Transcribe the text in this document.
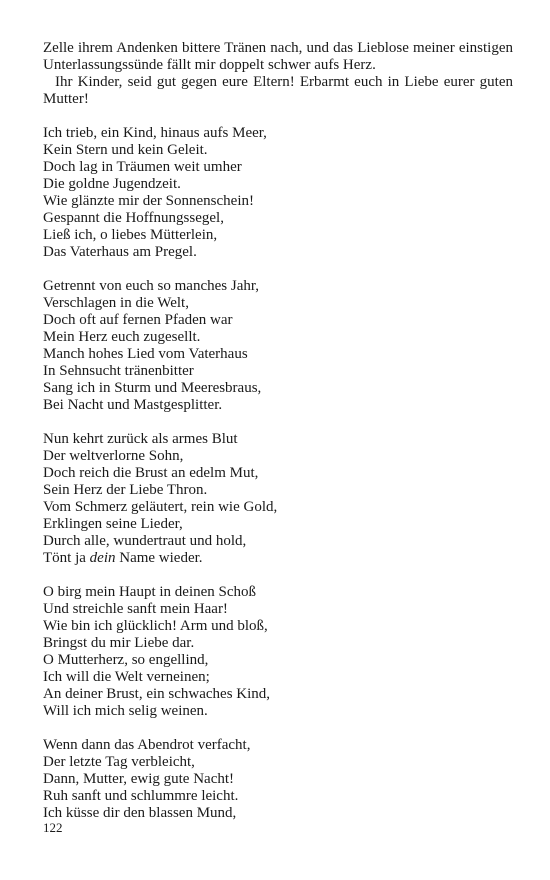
Zelle ihrem Andenken bittere Tränen nach, und das Lieblose meiner einstigen Unterlassungssünde fällt mir doppelt schwer aufs Herz.

Ihr Kinder, seid gut gegen eure Eltern! Erbarmt euch in Liebe eurer guten Mutter!

Ich trieb, ein Kind, hinaus aufs Meer,
Kein Stern und kein Geleit.
Doch lag in Träumen weit umher
Die goldne Jugendzeit.
Wie glänzte mir der Sonnenschein!
Gespannt die Hoffnungssegel,
Ließ ich, o liebes Mütterlein,
Das Vaterhaus am Pregel.
Getrennt von euch so manches Jahr,
Verschlagen in die Welt,
Doch oft auf fernen Pfaden war
Mein Herz euch zugesellt.
Manch hohes Lied vom Vaterhaus
In Sehnsucht tränenbitter
Sang ich in Sturm und Meeresbraus,
Bei Nacht und Mastgesplitter.
Nun kehrt zurück als armes Blut
Der weltverlorne Sohn,
Doch reich die Brust an edelm Mut,
Sein Herz der Liebe Thron.
Vom Schmerz geläutert, rein wie Gold,
Erklingen seine Lieder,
Durch alle, wundertraut und hold,
Tönt ja dein Name wieder.
O birg mein Haupt in deinen Schoß
Und streichle sanft mein Haar!
Wie bin ich glücklich! Arm und bloß,
Bringst du mir Liebe dar.
O Mutterherz, so engellind,
Ich will die Welt verneinen;
An deiner Brust, ein schwaches Kind,
Will ich mich selig weinen.
Wenn dann das Abendrot verfacht,
Der letzte Tag verbleicht,
Dann, Mutter, ewig gute Nacht!
Ruh sanft und schlummre leicht.
Ich küsse dir den blassen Mund,
122
